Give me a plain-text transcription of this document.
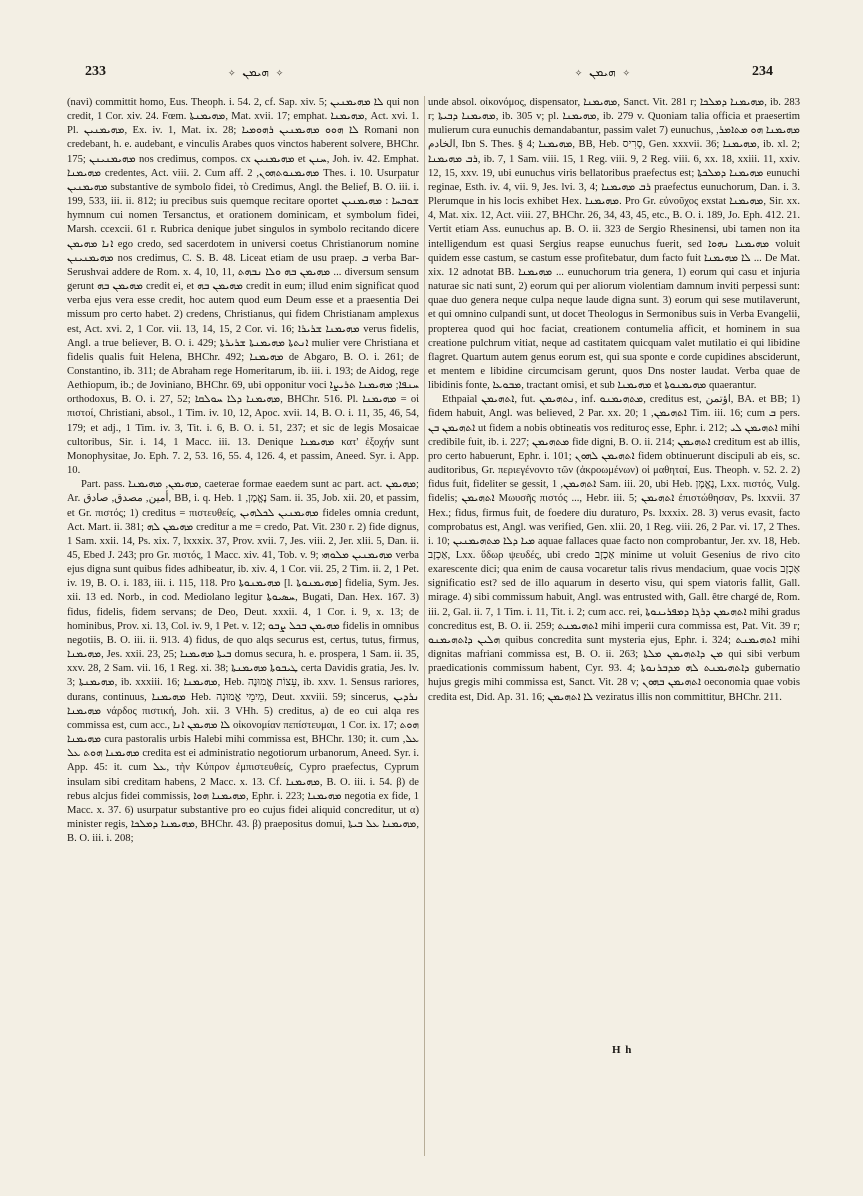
233	✧ ܗܝܡܢ ✧	✧ ܗܝܡܢ ✧	234

(navi) committit homo, Eus. Theoph. i. 54. 2, cf. Sap. xiv. 5; ܠܐ ܡܗܝܡܢܝܢ qui non credit, 1 Cor. xiv. 24. Fœm. ܡܗܝܡܢܬܐ, Mat. xvii. 17; emphat. ܡܗܝܡܢܐ, Act. xvi. 1. Pl. ܡܗܝܡܢܝܢ, Ex. iv. 1, Mat. ix. 28; ܠܐ ܗܘܘ ܡܗܝܡܢܝܢ ܪܗܘܡܝܐ Romani non credebant, h. e. audebant, e vinculis Arabes quos vinctos haberent solvere, BHChr. 175; ܡܗܝܡܢܝܢܢ nos credimus, compos. cx ܡܗܝܡܢܝܢ et ܚܢܢ, Joh. iv. 42. Emphat. ܡܗܝܡܢܐ credentes, Act. viii. 2. Cum aff. ܡܗܝܡܢܘܬܗܘܢ, 2 Thes. i. 10. Usurpatur ܡܗܝܡܢܝܢ substantive de symbolo fidei, τὸ Credimus, Angl. the Belief, B. O. iii. i. 199, 533, iii. ii. 812; iu precibus suis quemque recitare oportet ܫܘܒܚܐ : ܡܗܝܡܢܝܢ hymnum cui nomen Tersanctus, et orationem dominicam, et symbolum fidei, Marsh. ccexcii. 61 r. Rubrica denique jubet singulos in symbolo recitando dicere ܐܢܐ ܡܗܝܡܢ ego credo, sed sacerdotem in universi coetus Christianorum nomine ܡܗܝܡܢܝܢܢ nos credimus, C. S. B. 48. Liceat etiam de usu praep. ܒ verba Bar-Serushvai addere de Rom. x. 4, 10, 11, ܡܗܝܡܢ ܒܗ ܘܠܐ ܢܒܗܬ ... diversum sensum gerunt ܡܗܝܡܢ ܒܗ credit ei, et ܡܗܝܡܢ ܒܗ credit in eum; illud enim significat quod verba ejus vera esse credit, hoc autem quod eum Deum esse et a praesentia Dei missum pro certo habet. 2) credens, Christianus, qui fidem Christianam amplexus est, Act. xvi. 2, 1 Cor. vii. 13, 14, 15, 2 Cor. vi. 16; ܡܗܝܡܢܐ ܫܪܝܪܐ verus fidelis, Angl. a true believer, B. O. i. 429; ܐܢܬܬܐ ܡܗܝܡܢܬܐ ܫܪܝܪܬܐ mulier vere Christiana et fidelis qualis fuit Helena, BHChr. 492; ܡܗܝܡܢܐ de Abgaro, B. O. i. 261; de Constantino, ib. 311; de Abraham rege Homeritarum, ib. iii. i. 193; de Aidog, rege Aethiopum, ib.; de Joviniano, BHChr. 69, ubi opponitur voci ܚܢܦܐ; ܡܗܝܡܢܐ ܬܪܝܨܐ orthodoxus, B. O. i. 27, 52; ܡܗܝܡܢܐ ܕܠܐ ܚܘܠܩܐ, BHChr. 516. Pl. ܡܗܝܡܢܐ = οἱ πιστοί, Christiani, absol., 1 Tim. iv. 10, 12, Apoc. xvii. 14, B. O. i. 11, 35, 46, 54, 179; et adj., 1 Tim. iv. 3, Tit. i. 6, B. O. i. 51, 237; et sic de legis Mosaicae cultoribus, Sir. i. 14, 1 Macc. iii. 13. Denique ܡܗܝܡܢܐ κατ' ἐξοχήν sunt Monophysitae, Jo. Eph. 7. 2, 53. 16, 55. 4, 126. 4, et passim, Aneed. Syr. i. App. 10.

Part. pass. ܡܗܝܡܢ, ܡܗܝܡܢܐ, caeterae formae eaedem sunt ac part. act. ܡܗܝܡܢ; Ar. أمين, مصدق, صادق, BB, i. q. Heb. נֶאֱמָן, 1 Sam. ii. 35, Job. xii. 20, et passim, et Gr. πιστός; 1) creditus = πιστευθείς, ܡܗܝܡܢܝܢ ܠܟܠܗܝܢ fideles omnia credunt, Act. Mart. ii. 381; ܡܗܝܡܢ ܠܗ creditur a me = credo, Pat. Vit. 230 r. 2) fide dignus, 1 Sam. xxii. 14, Ps. xix. 7, lxxxix. 37, Prov. xvii. 7, Jes. viii. 2, Jer. xlii. 5, Dan. ii. 45, Ebed J. 243; pro Gr. πιστός, 1 Macc. xiv. 41, Tob. v. 9; ܡܗܝܡܢܝܢ ܡܠܘܗܝ verba ejus digna sunt quibus fides adhibeatur, ib. xiv. 4, 1 Cor. vii. 25, 2 Tim. ii. 2, 1 Pet. iv. 19, B. O. i. 183, iii. i. 115, 118. Pro ܡܗܝܡܢܘܬܐ [l. ܡܗܝܡܢܘܬܐ] fidelia, Sym. Jes. xii. 13 ed. Norb., in cod. Mediolano legitur ܚܣܝܘܬܐ, Bugati, Dan. Hex. 167. 3) fidus, fidelis, fidem servans; de Deo, Deut. xxxii. 4, 1 Cor. i. 9, x. 13; de hominibus, Prov. xi. 13, Col. iv. 9, 1 Pet. v. 12; ܡܗܝܡܢ ܒܟܠ ܨܒܘ fidelis in omnibus negotiis, B. O. iii. ii. 913. 4) fidus, de quo alqs securus est, certus, tutus, firmus, ܡܗܝܡܢܐ, Jes. xxii. 23, 25; ܒܝܬܐ ܡܗܝܡܢܐ domus secura, h. e. prospera, 1 Sam. ii. 35, xxv. 28, 2 Sam. vii. 16, 1 Reg. xi. 38; ܛܝܒܘܬܐ ܡܗܝܡܢܬܐ certa Davidis gratia, Jes. lv. 3; ܡܗܝܡܢܬܐ, ib. xxxiii. 16; ܡܗܝܡܢܐ, Heb. עֵצוֹת אֱמוּנָה, ib. xxv. 1. Sensus rariores, durans, continuus, ܡܗܝܡܢܐ Heb. מֵימֵי אֱמוּנָה, Deut. xxviii. 59; sincerus, ܢܪܕܝܢ ܡܗܝܡܢܐ νάρδος πιστική, Joh. xii. 3 VHh. 5) creditus, a) de eo cui alqa res commissa est, cum acc., ܠܐ ܡܗܝܡܢ ܐܢܐ οἰκονομίαν πεπίστευμαι, 1 Cor. ix. 17; ܗܘܬ ܡܗܝܡܢܐ cura pastoralis urbis Halebi mihi commissa est, BHChr. 130; it. cum ܥܠ, ܡܗܝܡܢܐ ܗܘܬ ܥܠ credita est ei administratio negotiorum urbanorum, Aneed. Syr. i. App. 45: it. cum ܥܠ, τὴν Κύπρον ἐμπιστευθείς, Cypro praefectus, Cyprum insulam sibi creditam habens, 2 Macc. x. 13. Cf. ܡܗܝܡܢܐ, B. O. iii. i. 54. β) de rebus alcjus fidei commissis, ܡܗܝܡܢܐ ܗܘܐ, Ephr. i. 223; ܡܗܝܡܢܐ negotia ex fide, 1 Macc. x. 37. 6) usurpatur substantive pro eo cujus fidei aliquid concreditur, ut α) minister regis, ܡܗܝܡܢܐ ܕܡܠܟܐ, BHChr. 43. β) praepositus domui, ܡܗܝܡܢܐ ܥܠ ܒܝܬܐ, B. O. iii. i. 208;

unde absol. οἰκονόμος, dispensator, ܡܗܝܡܢܐ, Sanct. Vit. 281 r; ܡܗܝܡܢܐ ܕܡܠܟܐ, ib. 283 r; ܡܗܝܡܢܐ ܕܒܝܬܐ, ib. 305 v; pl. ܡܗܝܡܢܐ, ib. 279 v. Quoniam talia officia et praesertim mulierum cura eunuchis demandabantur, passim valet 7) eunuchus, ܡܗܝܡܢܐ ܗܘ ܡܬܐܡܪ, الخادم, Ibn S. Thes. § 4; ܡܗܝܡܢܐ, BB, Heb. סָרִיס, Gen. xxxvii. 36; ܡܗܝܡܢܐ, ib. xl. 2; ܪܒ ܡܗܝܡܢܐ, ib. 7, 1 Sam. viii. 15, 1 Reg. viii. 9, 2 Reg. viii. 6, xx. 18, xxiii. 11, xxiv. 12, 15, xxv. 19, ubi eunuchus viris bellatoribus praefectus est; ܡܗܝܡܢܐ ܕܡܠܟܬܐ eunuchi reginae, Esth. iv. 4, vii. 9, Jes. lvi. 3, 4; ܪܒ ܡܗܝܡܢܐ praefectus eunuchorum, Dan. i. 3. Plerumque in his locis exhibet Hex. ܡܗܝܡܢܐ. Pro Gr. εὐνοῦχος exstat ܡܗܝܡܢܐ, Sir. xx. 4, Mat. xix. 12, Act. viii. 27, BHChr. 26, 34, 43, 45, etc., B. O. i. 189, Jo. Eph. 412. 21. Vertit etiam Ass. eunuchus ap. B. O. ii. 323 de Sergio Rhesinensi, ubi tamen non ita intelligendum est quasi Sergius reapse eunuchus fuerit, sed ܡܗܝܡܢܐ ܢܗܘܐ voluit quidem esse castum, se castum esse profitebatur, dum facto fuit ܠܐ ܡܗܝܡܢܐ ... De Mat. xix. 12 adnotat BB. ܡܗܝܡܢܐ ... eunuchorum tria genera, 1) eorum qui casu et injuria naturae sic nati sunt, 2) eorum qui per aliorum violentiam damnum inviti perpessi sunt: quae duo genera neque culpa neque laude digna sunt. 3) eorum qui sese mutilaverunt, et qui omnino culpandi sunt, ut docet Theologus in Sermonibus suis in Verba Evangelii, propterea quod qui hoc faciat, creationem contumelia afficit, et hominem in sua creatione pulchrum vitiat, neque ad castitatem quicquam valet mutilatio ei qui libidine flagret. Quartum autem genus eorum est, qui sua sponte e corde cupidines absciderunt, et mentem e libidine circumcisam gerunt, quos Dns noster laudat. Verba quae de libidinis fonte, ܡܒܘܥܐ, tractant omisi, et sub ܡܗܝܡܢܐ et ܡܗܝܡܢܘܬܐ quaerantur.

Ethpaial ܐܬܗܝܡܢ, fut. ܢܬܗܝܡܢ, inf. ܡܬܗܝܡܢܘ, creditus est, اؤتمن, BA. et BB; 1) fidem habuit, Angl. was believed, 2 Par. xx. 20; ܐܬܗܝܡܢ, 1 Tim. iii. 16; cum ܒ pers. ܐܬܗܝܡܢ ܒܢ ut fidem a nobis obtineatis vos rediturος esse, Ephr. i. 212; ܐܬܗܝܡܢ ܠܝ mihi credibile fuit, ib. i. 227; ܡܬܗܝܡܢ fide digni, B. O. ii. 214; ܐܬܗܝܡܢ creditum est ab illis, pro certo habuerunt, Ephr. i. 101; ܐܬܗܝܡܢ ܠܗܘܢ fidem obtinuerunt discipuli ab eis, sc. auditoribus, Gr. περιεγένοντο τῶν (ἀκροωμένων) οἱ μαθηταί, Eus. Theoph. v. 52. 2. 2) fidus fuit, fideliter se gessit, ܐܬܗܝܡܢ, 1 Sam. iii. 20, ubi Heb. נֶאֱמָן, Lxx. πιστός, Vulg. fidelis; ܐܬܗܝܡܢ Μωυσῆς πιστός ..., Hebr. iii. 5; ܐܬܗܝܡܢ ἐπιστώθησαν, Ps. lxxvii. 37 Hex.; fidus, firmus fuit, de foedere diu duraturo, Ps. lxxxix. 28. 3) verus evasit, facto comprobatus est, Angl. was verified, Gen. xlii. 20, 1 Reg. viii. 26, 2 Par. vi. 17, 2 Thes. i. 10; ܡܝܐ ܕܠܐ ܡܬܗܝܡܢܝܢ aquae fallaces quae facto non comprobantur, Jer. xv. 18, Heb. אַכְזָב, Lxx. ὕδωρ ψευδές, ubi credo אַכְזָב minime ut voluit Gesenius de rivo cito exarescente dici; qua enim de causa vocaretur talis rivus mendacium, quae vocis אַכְזָב significatio est? sed de illo aquarum in deserto visu, qui spem viatoris fallit, Gall. mirage. 4) sibi commissum habuit, Angl. was entrusted with, Gall. être chargé de, Rom. iii. 2, Gal. ii. 7, 1 Tim. i. 11, Tit. i. 2; cum acc. rei, ܐܬܗܝܡܢ ܕܪܓܐ ܕܡܦܪܝܢܘܬܐ mihi gradus concreditus est, B. O. ii. 259; ܐܬܗܝܡܢܬ mihi imperii cura commissa est, Pat. Vit. 39 r; ܗܠܝܢ ܕܐܬܗܝܡܢܘ quibus concredita sunt mysteria ejus, Ephr. i. 324; ܐܬܗܝܡܢܬ mihi dignitas mafriani commissa est, B. O. ii. 263; ܡܢ ܕܐܬܗܝܡܢ ܡܠܬܐ qui sibi verbum praedicationis commissum habent, Cyr. 93. 4; ܕܐܬܗܝܡܢܬ ܠܗ ܡܕܒܪܢܘܬܐ gubernatio hujus gregis mihi commissa est, Sanct. Vit. 28 v; ܐܬܗܝܡܢ ܒܗܘܢ oeconomia quae vobis credita est, Did. Ap. 31. 16; ܠܐ ܐܬܗܝܡܢ veziratus illis non committitur, BHChr. 211.

H h
